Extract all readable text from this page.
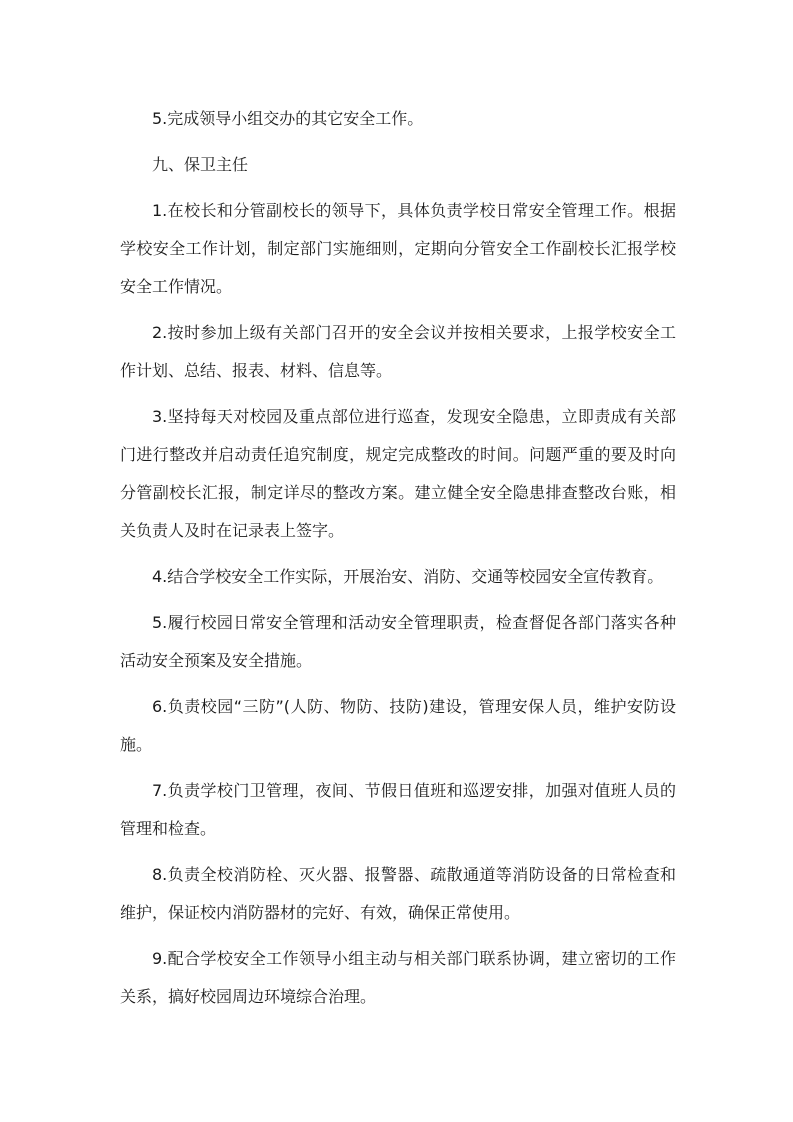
5.完成领导小组交办的其它安全工作。

九、保卫主任

1.在校长和分管副校长的领导下，具体负责学校日常安全管理工作。根据学校安全工作计划，制定部门实施细则，定期向分管安全工作副校长汇报学校安全工作情况。

2.按时参加上级有关部门召开的安全会议并按相关要求，上报学校安全工作计划、总结、报表、材料、信息等。

3.坚持每天对校园及重点部位进行巡查，发现安全隐患，立即责成有关部门进行整改并启动责任追究制度，规定完成整改的时间。问题严重的要及时向分管副校长汇报，制定详尽的整改方案。建立健全安全隐患排查整改台账，相关负责人及时在记录表上签字。

4.结合学校安全工作实际，开展治安、消防、交通等校园安全宣传教育。

5.履行校园日常安全管理和活动安全管理职责，检查督促各部门落实各种活动安全预案及安全措施。

6.负责校园“三防”(人防、物防、技防)建设，管理安保人员，维护安防设施。

7.负责学校门卫管理，夜间、节假日值班和巡逻安排，加强对值班人员的管理和检查。

8.负责全校消防栓、灭火器、报警器、疏散通道等消防设备的日常检查和维护，保证校内消防器材的完好、有效，确保正常使用。

9.配合学校安全工作领导小组主动与相关部门联系协调，建立密切的工作关系，搞好校园周边环境综合治理。
